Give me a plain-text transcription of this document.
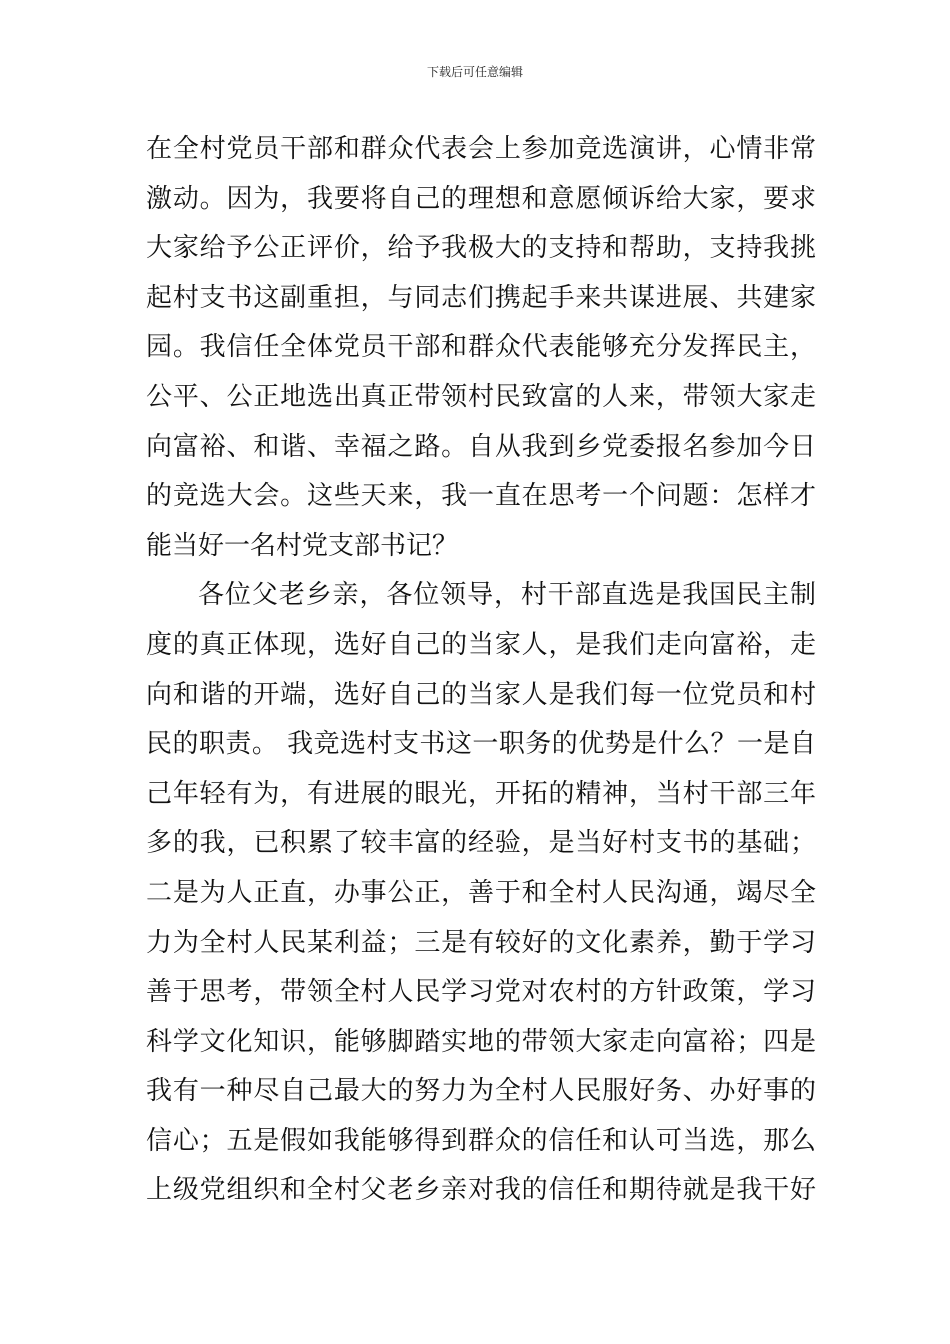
下载后可任意编辑
在全村党员干部和群众代表会上参加竞选演讲，心情非常
激动。因为，我要将自己的理想和意愿倾诉给大家，要求
大家给予公正评价，给予我极大的支持和帮助，支持我挑
起村支书这副重担，与同志们携起手来共谋进展、共建家
园。我信任全体党员干部和群众代表能够充分发挥民主，
公平、公正地选出真正带领村民致富的人来，带领大家走
向富裕、和谐、幸福之路。自从我到乡党委报名参加今日
的竞选大会。这些天来，我一直在思考一个问题：怎样才
能当好一名村党支部书记？
各位父老乡亲，各位领导，村干部直选是我国民主制
度的真正体现，选好自己的当家人，是我们走向富裕，走
向和谐的开端，选好自己的当家人是我们每一位党员和村
民的职责。 我竞选村支书这一职务的优势是什么？一是自
己年轻有为，有进展的眼光，开拓的精神，当村干部三年
多的我，已积累了较丰富的经验，是当好村支书的基础；
二是为人正直，办事公正，善于和全村人民沟通，竭尽全
力为全村人民某利益；三是有较好的文化素养，勤于学习
善于思考，带领全村人民学习党对农村的方针政策，学习
科学文化知识，能够脚踏实地的带领大家走向富裕；四是
我有一种尽自己最大的努力为全村人民服好务、办好事的
信心；五是假如我能够得到群众的信任和认可当选，那么
上级党组织和全村父老乡亲对我的信任和期待就是我干好
